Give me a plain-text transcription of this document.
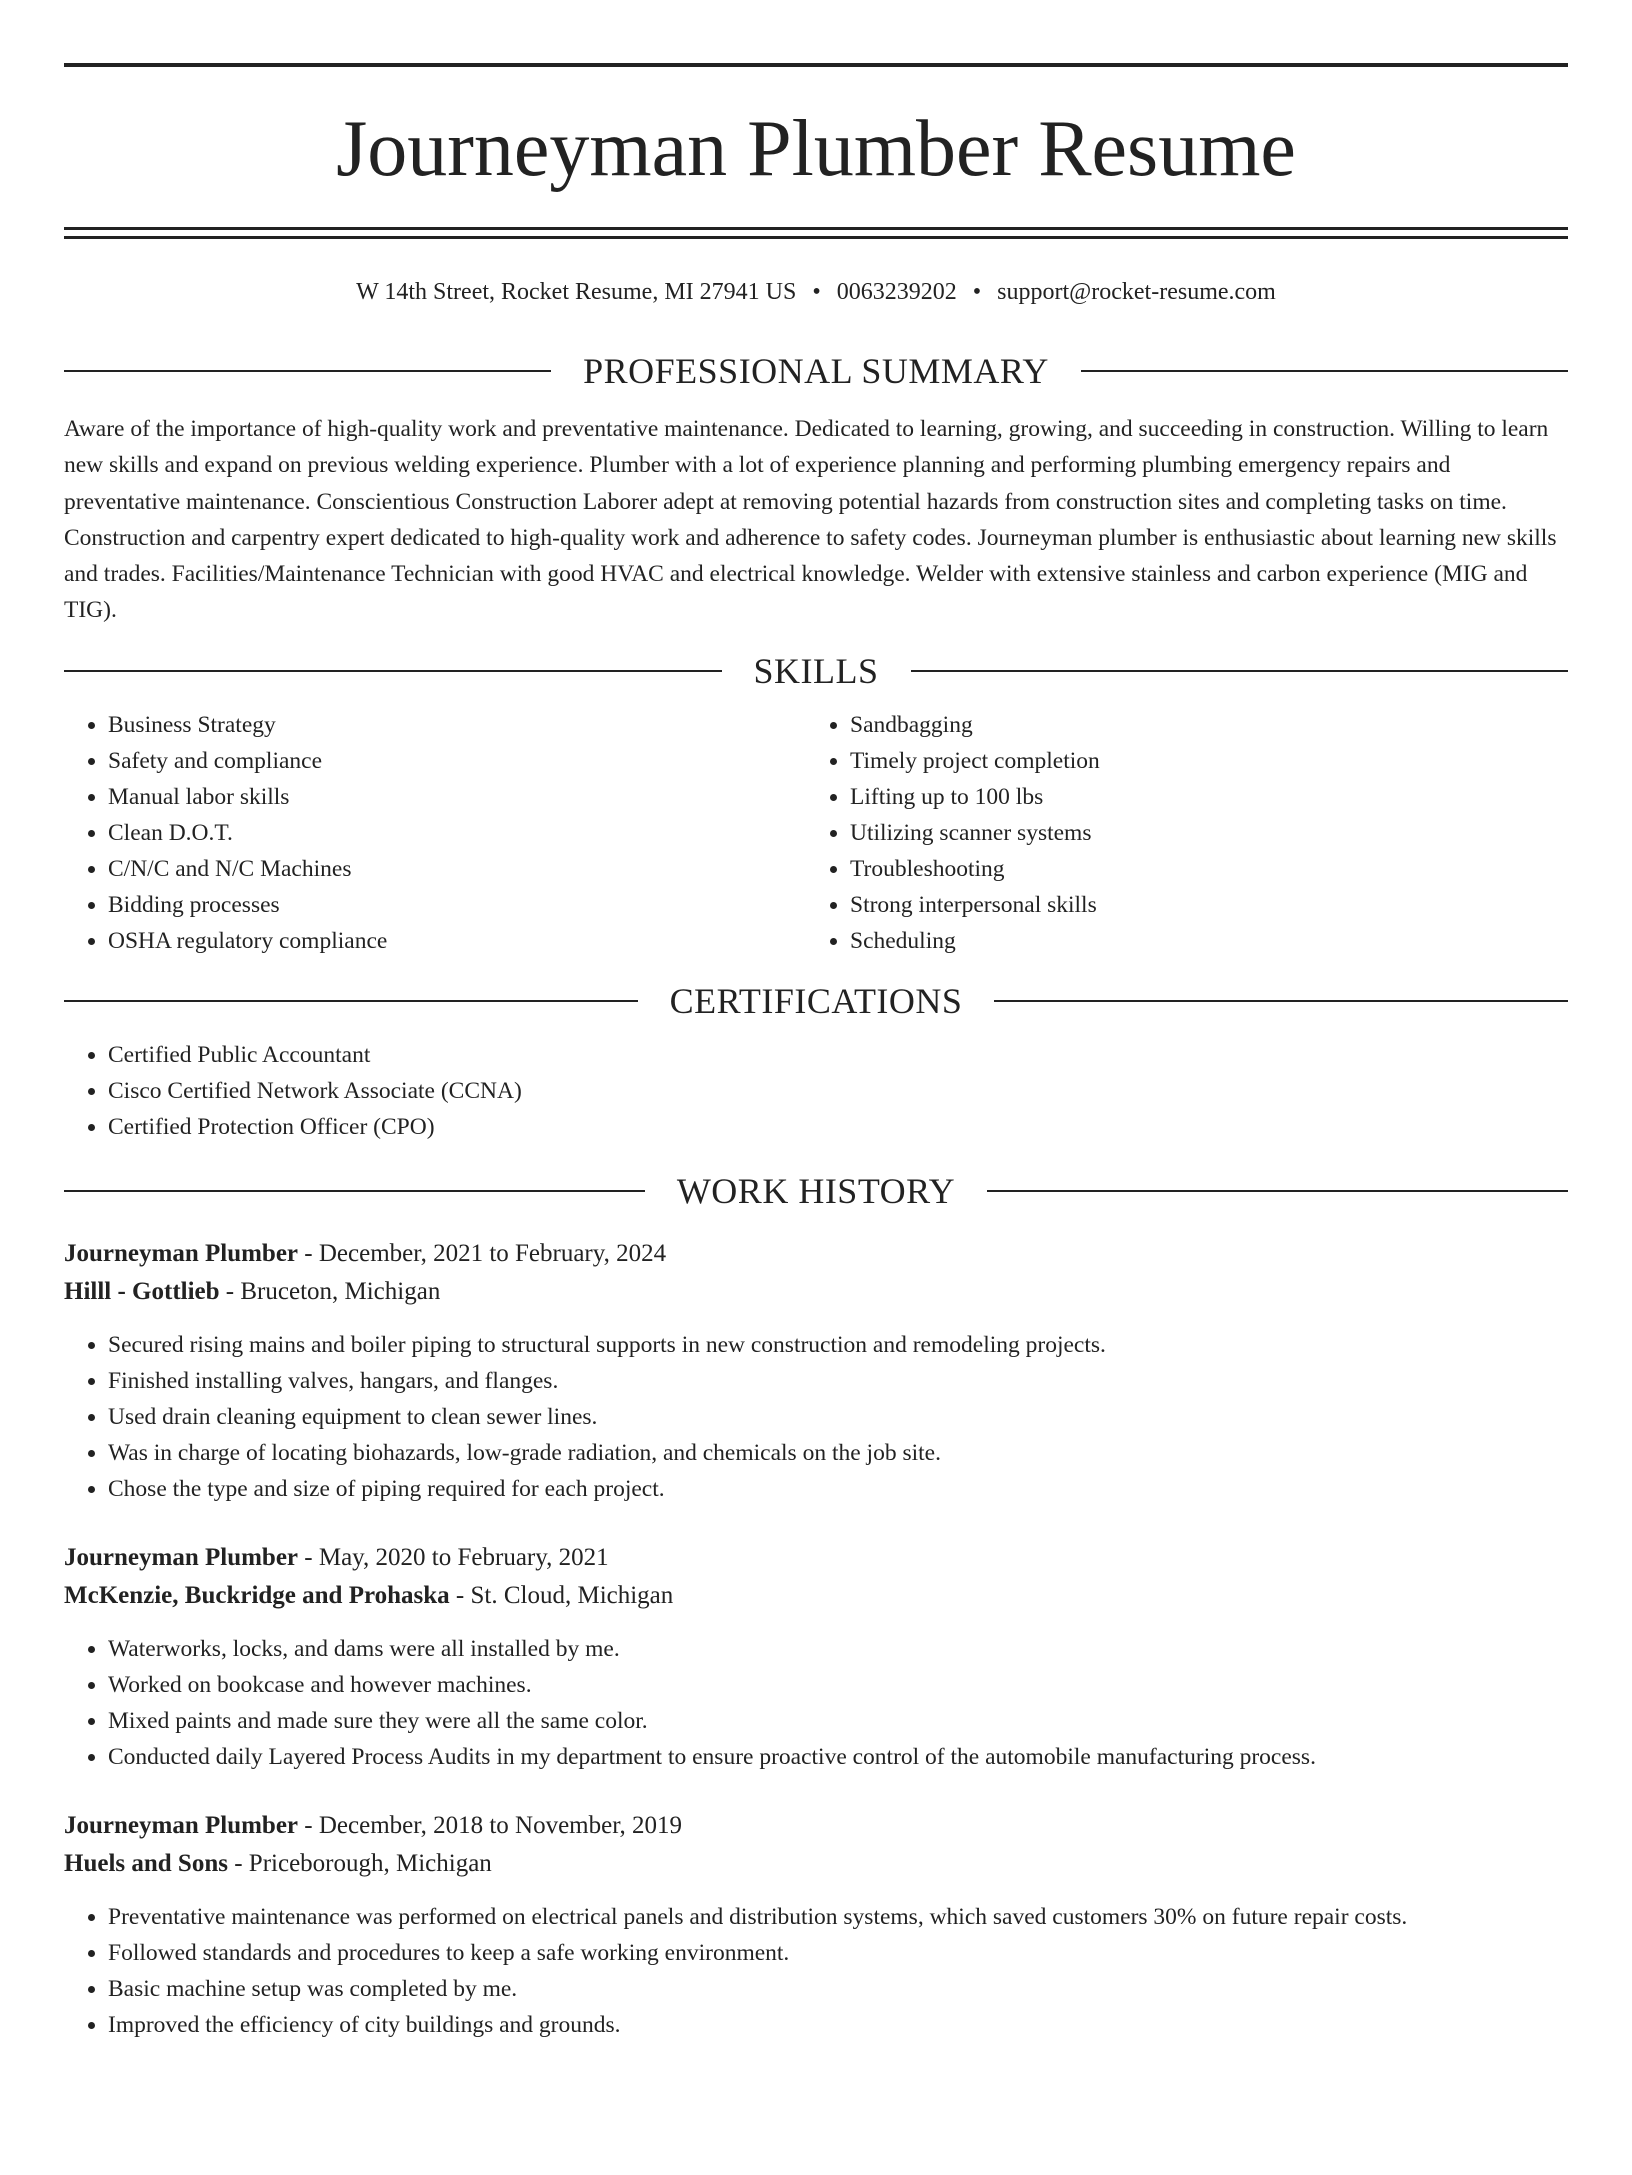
Journeyman Plumber Resume
W 14th Street, Rocket Resume, MI 27941 US • 0063239202 • support@rocket-resume.com
PROFESSIONAL SUMMARY
Aware of the importance of high-quality work and preventative maintenance. Dedicated to learning, growing, and succeeding in construction. Willing to learn new skills and expand on previous welding experience. Plumber with a lot of experience planning and performing plumbing emergency repairs and preventative maintenance. Conscientious Construction Laborer adept at removing potential hazards from construction sites and completing tasks on time. Construction and carpentry expert dedicated to high-quality work and adherence to safety codes. Journeyman plumber is enthusiastic about learning new skills and trades. Facilities/Maintenance Technician with good HVAC and electrical knowledge. Welder with extensive stainless and carbon experience (MIG and TIG).
SKILLS
• Business Strategy
• Safety and compliance
• Manual labor skills
• Clean D.O.T.
• C/N/C and N/C Machines
• Bidding processes
• OSHA regulatory compliance
• Sandbagging
• Timely project completion
• Lifting up to 100 lbs
• Utilizing scanner systems
• Troubleshooting
• Strong interpersonal skills
• Scheduling
CERTIFICATIONS
• Certified Public Accountant
• Cisco Certified Network Associate (CCNA)
• Certified Protection Officer (CPO)
WORK HISTORY
Journeyman Plumber - December, 2021 to February, 2024
Hilll - Gottlieb - Bruceton, Michigan
• Secured rising mains and boiler piping to structural supports in new construction and remodeling projects.
• Finished installing valves, hangars, and flanges.
• Used drain cleaning equipment to clean sewer lines.
• Was in charge of locating biohazards, low-grade radiation, and chemicals on the job site.
• Chose the type and size of piping required for each project.
Journeyman Plumber - May, 2020 to February, 2021
McKenzie, Buckridge and Prohaska - St. Cloud, Michigan
• Waterworks, locks, and dams were all installed by me.
• Worked on bookcase and however machines.
• Mixed paints and made sure they were all the same color.
• Conducted daily Layered Process Audits in my department to ensure proactive control of the automobile manufacturing process.
Journeyman Plumber - December, 2018 to November, 2019
Huels and Sons - Priceborough, Michigan
• Preventative maintenance was performed on electrical panels and distribution systems, which saved customers 30% on future repair costs.
• Followed standards and procedures to keep a safe working environment.
• Basic machine setup was completed by me.
• Improved the efficiency of city buildings and grounds.
